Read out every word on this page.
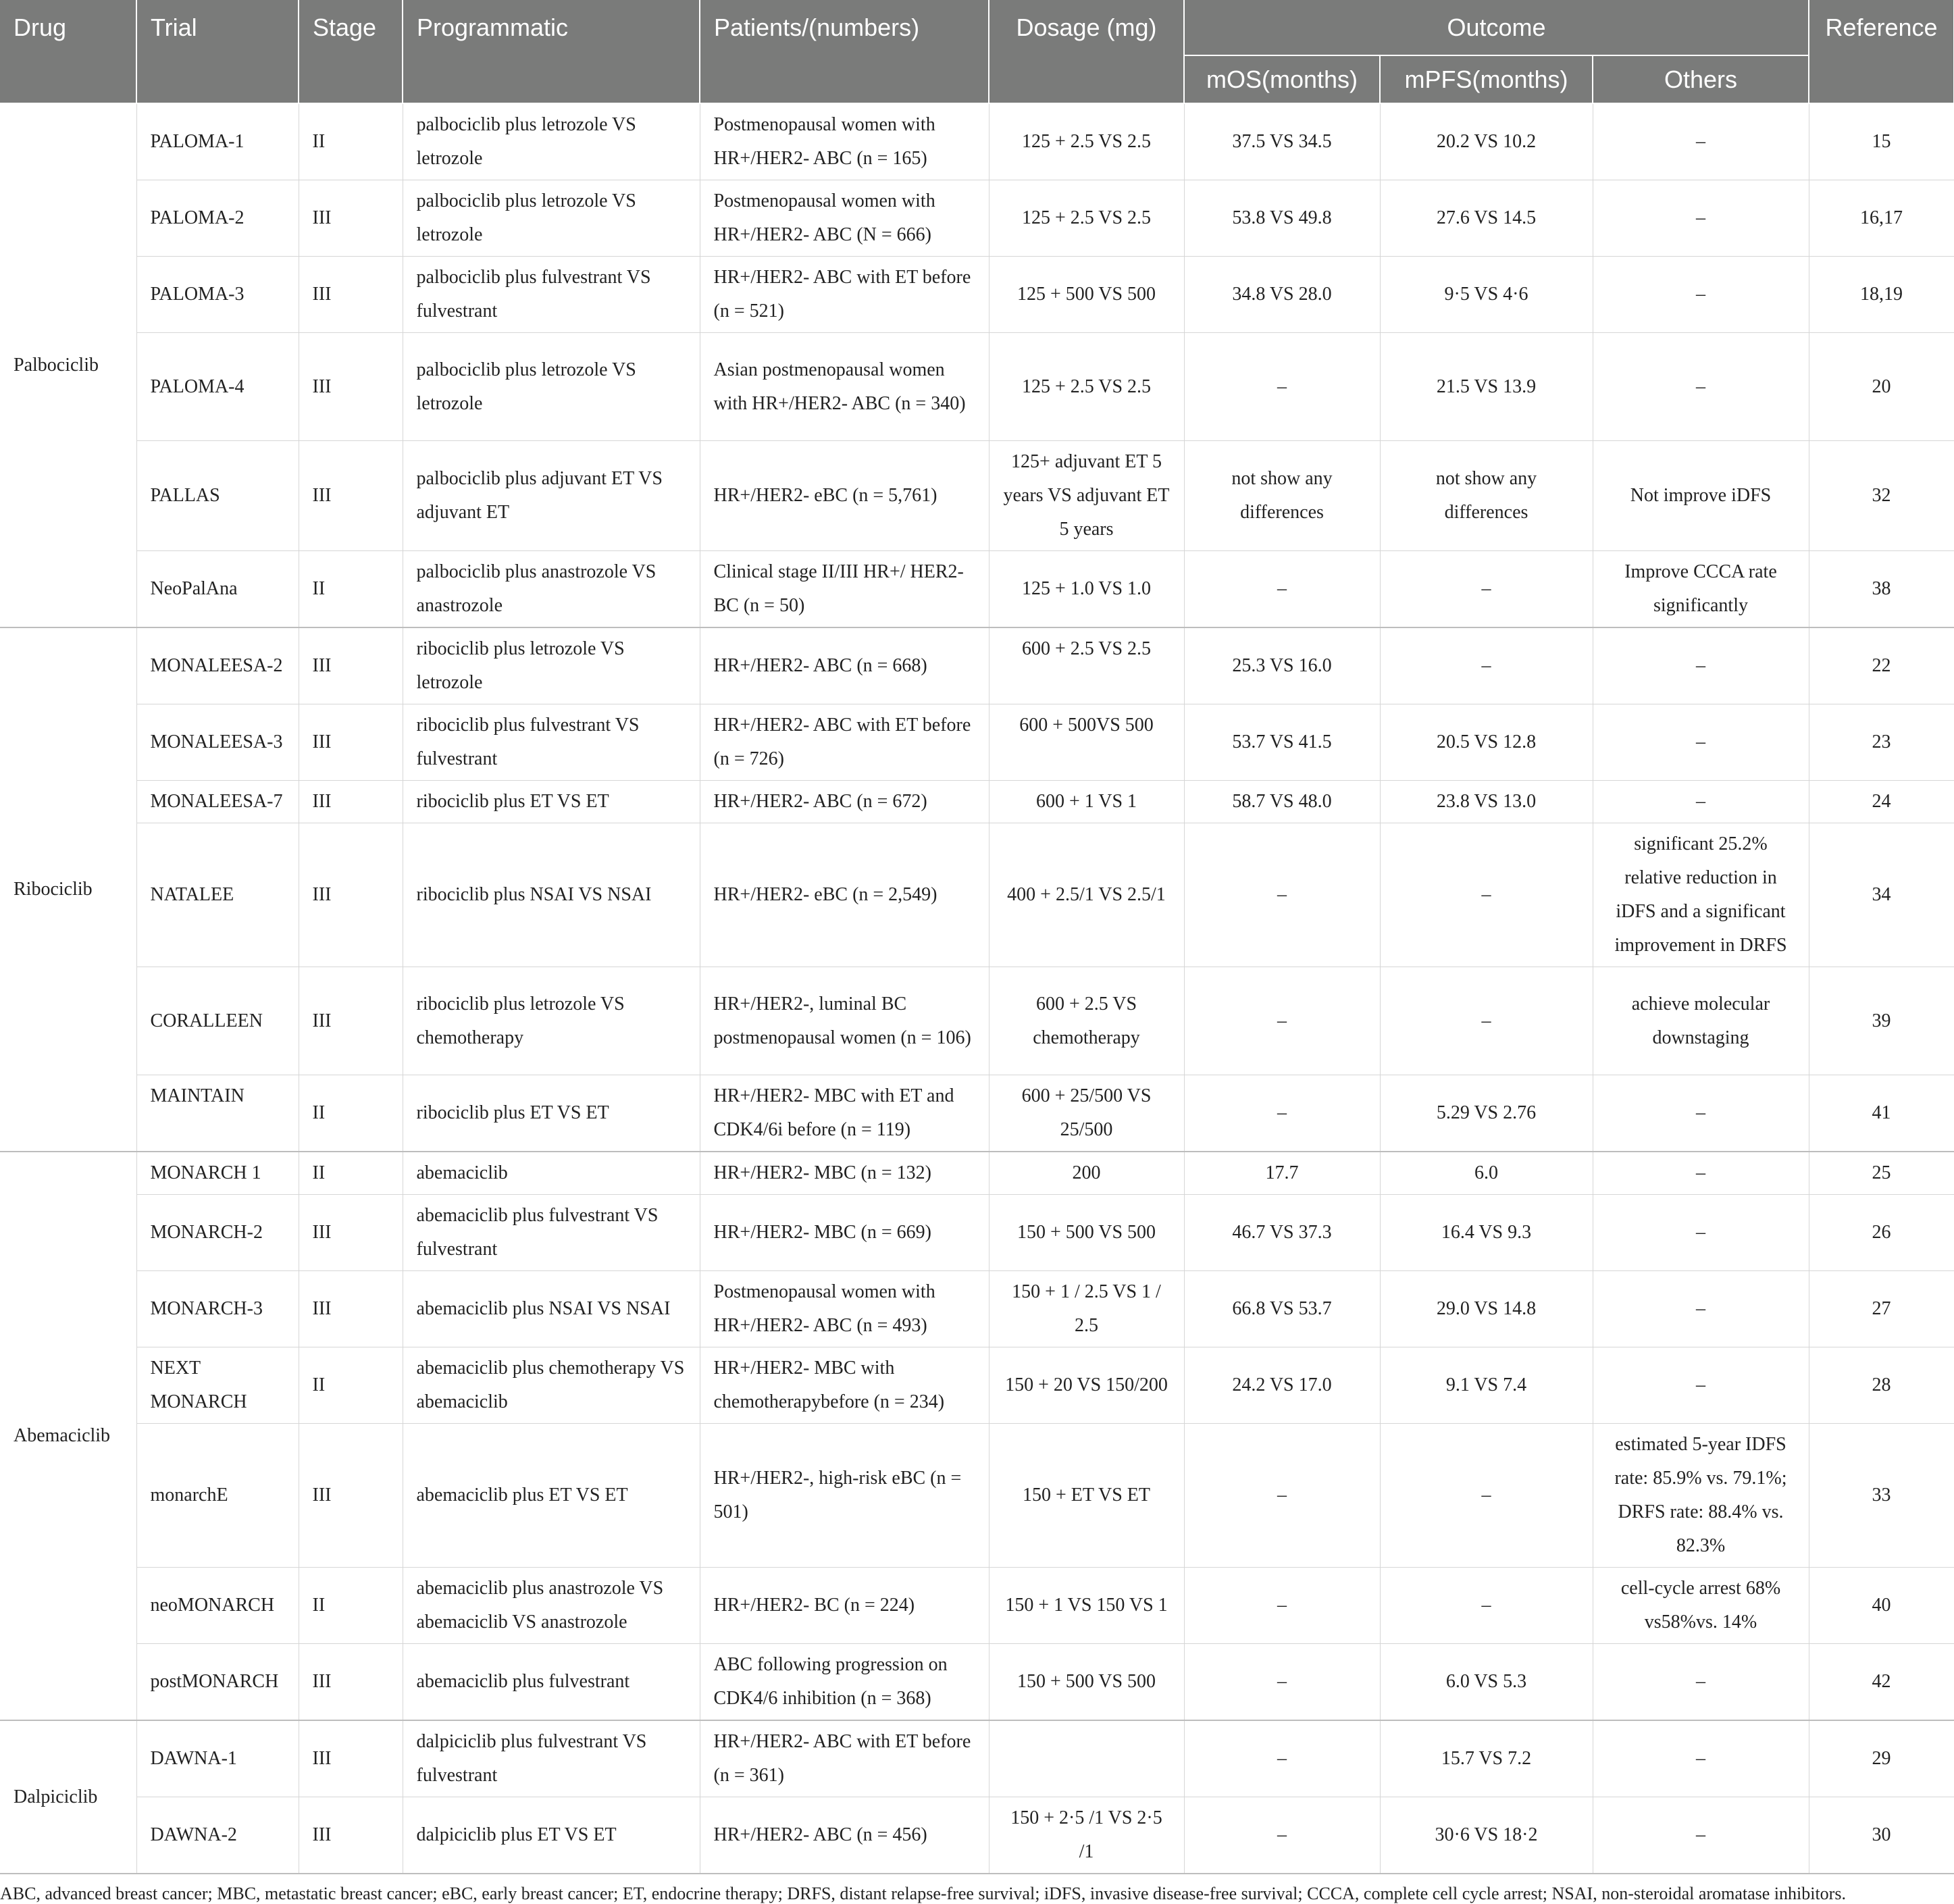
Drug	Trial	Stage	Programmatic	Patients/(numbers)	Dosage (mg)	Outcome			Reference
						mOS(months)	mPFS(months)	Others	
Palbociclib	PALOMA-1	II	palbociclib plus letrozole VS letrozole	Postmenopausal women with HR+/HER2- ABC (n = 165)	125 + 2.5 VS 2.5	37.5 VS 34.5	20.2 VS 10.2	–	15
	PALOMA-2	III	palbociclib plus letrozole VS letrozole	Postmenopausal women with HR+/HER2- ABC (N = 666)	125 + 2.5 VS 2.5	53.8 VS 49.8	27.6 VS 14.5	–	16,17
	PALOMA-3	III	palbociclib plus fulvestrant VS fulvestrant	HR+/HER2- ABC with ET before (n = 521)	125 + 500 VS 500	34.8 VS 28.0	9·5 VS 4·6	–	18,19
	PALOMA-4	III	palbociclib plus letrozole VS letrozole	Asian postmenopausal women with HR+/HER2- ABC (n = 340)	125 + 2.5 VS 2.5	–	21.5 VS 13.9	–	20
	PALLAS	III	palbociclib plus adjuvant ET VS adjuvant ET	HR+/HER2- eBC (n = 5,761)	125+ adjuvant ET 5 years VS adjuvant ET 5 years	not show any differences	not show any differences	Not improve iDFS	32
	NeoPalAna	II	palbociclib plus anastrozole VS anastrozole	Clinical stage II/III HR+/ HER2- BC (n = 50)	125 + 1.0 VS 1.0	–	–	Improve CCCA rate significantly	38
Ribociclib	MONALEESA-2	III	ribociclib plus letrozole VS letrozole	HR+/HER2- ABC (n = 668)	600 + 2.5 VS 2.5	25.3 VS 16.0	–	–	22
	MONALEESA-3	III	ribociclib plus fulvestrant VS fulvestrant	HR+/HER2- ABC with ET before (n = 726)	600 + 500VS 500	53.7 VS 41.5	20.5 VS 12.8	–	23
	MONALEESA-7	III	ribociclib plus ET VS ET	HR+/HER2- ABC (n = 672)	600 + 1 VS 1	58.7 VS 48.0	23.8 VS 13.0	–	24
	NATALEE	III	ribociclib plus NSAI VS NSAI	HR+/HER2- eBC (n = 2,549)	400 + 2.5/1 VS 2.5/1	–	–	significant 25.2% relative reduction in iDFS and a significant improvement in DRFS	34
	CORALLEEN	III	ribociclib plus letrozole VS chemotherapy	HR+/HER2-, luminal BC postmenopausal women (n = 106)	600 + 2.5 VS chemotherapy	–	–	achieve molecular downstaging	39
	MAINTAIN	II	ribociclib plus ET VS ET	HR+/HER2- MBC with ET and CDK4/6i before (n = 119)	600 + 25/500 VS 25/500	–	5.29 VS 2.76	–	41
Abemaciclib	MONARCH 1	II	abemaciclib	HR+/HER2- MBC (n = 132)	200	17.7	6.0	–	25
	MONARCH-2	III	abemaciclib plus fulvestrant VS fulvestrant	HR+/HER2- MBC (n = 669)	150 + 500 VS 500	46.7 VS 37.3	16.4 VS 9.3	–	26
	MONARCH-3	III	abemaciclib plus NSAI VS NSAI	Postmenopausal women with HR+/HER2- ABC (n = 493)	150 + 1 / 2.5 VS 1 / 2.5	66.8 VS 53.7	29.0 VS 14.8	–	27
	NEXT MONARCH	II	abemaciclib plus chemotherapy VS abemaciclib	HR+/HER2- MBC with chemotherapybefore (n = 234)	150 + 20 VS 150/200	24.2 VS 17.0	9.1 VS 7.4	–	28
	monarchE	III	abemaciclib plus ET VS ET	HR+/HER2-, high-risk eBC (n = 501)	150 + ET VS ET	–	–	estimated 5-year IDFS rate: 85.9% vs. 79.1%; DRFS rate: 88.4% vs. 82.3%	33
	neoMONARCH	II	abemaciclib plus anastrozole VS abemaciclib VS anastrozole	HR+/HER2- BC (n = 224)	150 + 1 VS 150 VS 1	–	–	cell-cycle arrest 68% vs58%vs. 14%	40
	postMONARCH	III	abemaciclib plus fulvestrant	ABC following progression on CDK4/6 inhibition (n = 368)	150 + 500 VS 500	–	6.0 VS 5.3	–	42
Dalpiciclib	DAWNA-1	III	dalpiciclib plus fulvestrant VS fulvestrant	HR+/HER2- ABC with ET before (n = 361)		–	15.7 VS 7.2	–	29
	DAWNA-2	III	dalpiciclib plus ET VS ET	HR+/HER2- ABC (n = 456)	150 + 2·5 /1 VS 2·5 /1	–	30·6 VS 18·2	–	30
ABC, advanced breast cancer; MBC, metastatic breast cancer; eBC, early breast cancer; ET, endocrine therapy; DRFS, distant relapse-free survival; iDFS, invasive disease-free survival; CCCA, complete cell cycle arrest; NSAI, non-steroidal aromatase inhibitors.
